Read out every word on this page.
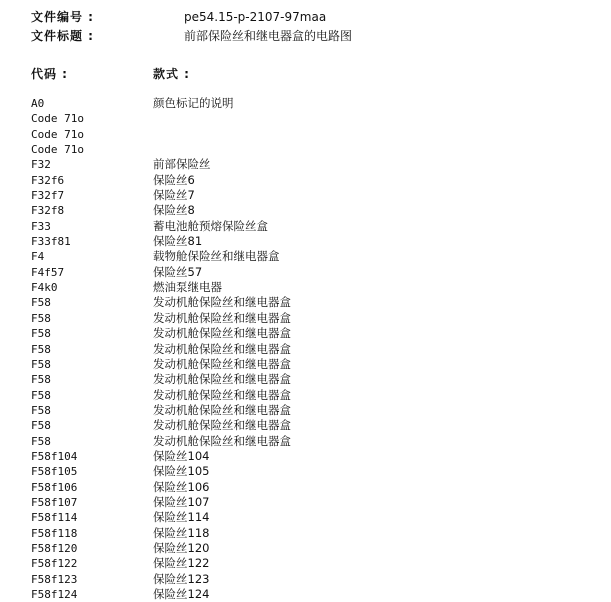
文件编号 :	pe54.15-p-2107-97maa
文件标题 :	前部保险丝和继电器盒的电路图
代码 :	款式 :
A0	颜色标记的说明
Code 71o
Code 71o
Code 71o
F32	前部保险丝
F32f6	保险丝6
F32f7	保险丝7
F32f8	保险丝8
F33	蓄电池舱预熔保险丝盒
F33f81	保险丝81
F4	载物舱保险丝和继电器盒
F4f57	保险丝57
F4k0	燃油泵继电器
F58	发动机舱保险丝和继电器盒
F58	发动机舱保险丝和继电器盒
F58	发动机舱保险丝和继电器盒
F58	发动机舱保险丝和继电器盒
F58	发动机舱保险丝和继电器盒
F58	发动机舱保险丝和继电器盒
F58	发动机舱保险丝和继电器盒
F58	发动机舱保险丝和继电器盒
F58	发动机舱保险丝和继电器盒
F58	发动机舱保险丝和继电器盒
F58f104	保险丝104
F58f105	保险丝105
F58f106	保险丝106
F58f107	保险丝107
F58f114	保险丝114
F58f118	保险丝118
F58f120	保险丝120
F58f122	保险丝122
F58f123	保险丝123
F58f124	保险丝124
